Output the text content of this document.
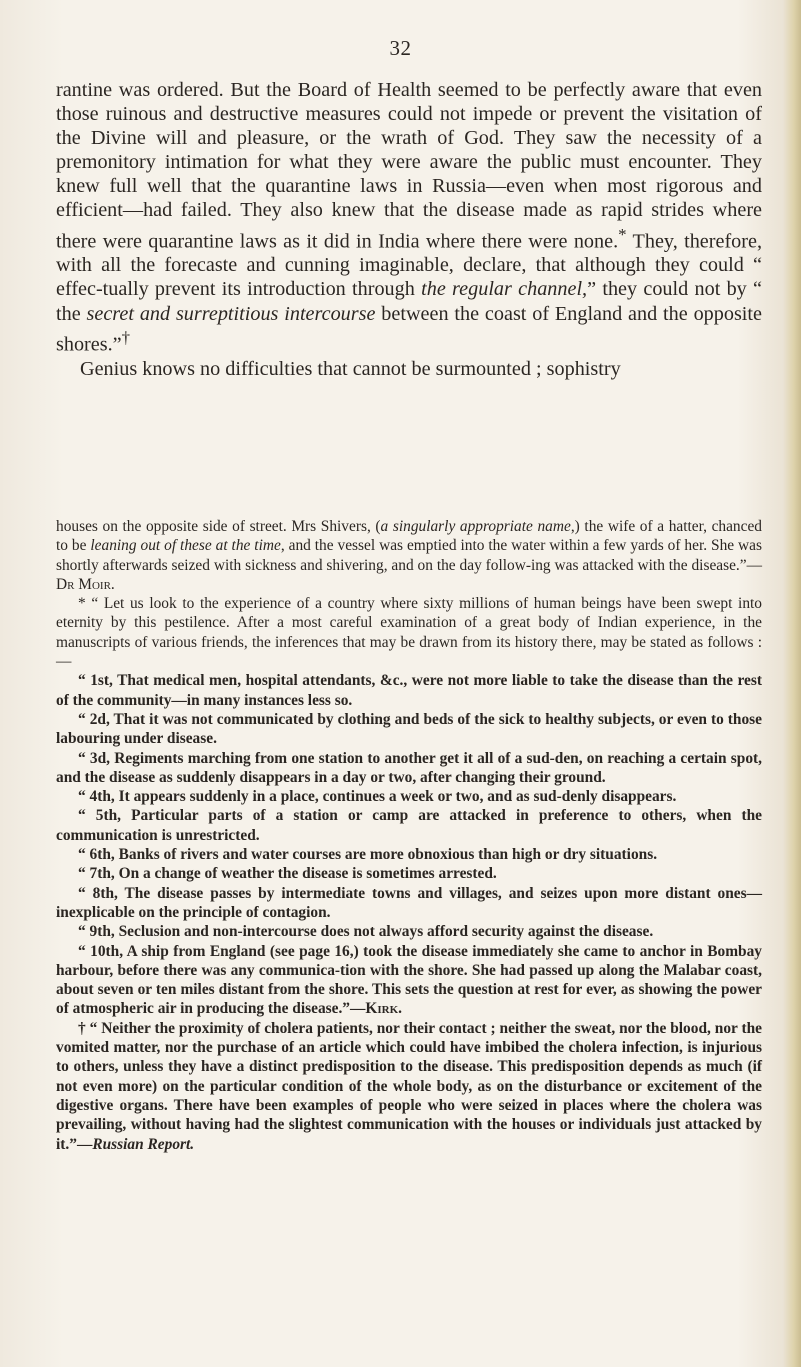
32

rantine was ordered. But the Board of Health seemed to be perfectly aware that even those ruinous and destructive measures could not impede or prevent the visitation of the Divine will and pleasure, or the wrath of God. They saw the necessity of a premonitory intimation for what they were aware the public must encounter. They knew full well that the quarantine laws in Russia—even when most rigorous and efficient—had failed. They also knew that the disease made as rapid strides where there were quarantine laws as it did in India where there were none.* They, therefore, with all the forecaste and cunning imaginable, declare, that although they could “ effec-tually prevent its introduction through the regular channel,” they could not by “ the secret and surreptitious intercourse between the coast of England and the opposite shores.”†

Genius knows no difficulties that cannot be surmounted ; sophistry

houses on the opposite side of street. Mrs Shivers, (a singularly appropriate name,) the wife of a hatter, chanced to be leaning out of these at the time, and the vessel was emptied into the water within a few yards of her. She was shortly afterwards seized with sickness and shivering, and on the day follow-ing was attacked with the disease.”—Dr Moir.

* “ Let us look to the experience of a country where sixty millions of human beings have been swept into eternity by this pestilence. After a most careful examination of a great body of Indian experience, in the manuscripts of various friends, the inferences that may be drawn from its history there, may be stated as follows :—

“ 1st, That medical men, hospital attendants, &c., were not more liable to take the disease than the rest of the community—in many instances less so.

“ 2d, That it was not communicated by clothing and beds of the sick to healthy subjects, or even to those labouring under disease.

“ 3d, Regiments marching from one station to another get it all of a sud-den, on reaching a certain spot, and the disease as suddenly disappears in a day or two, after changing their ground.

“ 4th, It appears suddenly in a place, continues a week or two, and as sud-denly disappears.

“ 5th, Particular parts of a station or camp are attacked in preference to others, when the communication is unrestricted.

“ 6th, Banks of rivers and water courses are more obnoxious than high or dry situations.

“ 7th, On a change of weather the disease is sometimes arrested.

“ 8th, The disease passes by intermediate towns and villages, and seizes upon more distant ones—inexplicable on the principle of contagion.

“ 9th, Seclusion and non-intercourse does not always afford security against the disease.

“ 10th, A ship from England (see page 16,) took the disease immediately she came to anchor in Bombay harbour, before there was any communica-tion with the shore. She had passed up along the Malabar coast, about seven or ten miles distant from the shore. This sets the question at rest for ever, as showing the power of atmospheric air in producing the disease.”—Kirk.

† “ Neither the proximity of cholera patients, nor their contact ; neither the sweat, nor the blood, nor the vomited matter, nor the purchase of an article which could have imbibed the cholera infection, is injurious to others, unless they have a distinct predisposition to the disease. This predisposition depends as much (if not even more) on the particular condition of the whole body, as on the disturbance or excitement of the digestive organs. There have been examples of people who were seized in places where the cholera was prevailing, without having had the slightest communication with the houses or individuals just attacked by it.”—Russian Report.
